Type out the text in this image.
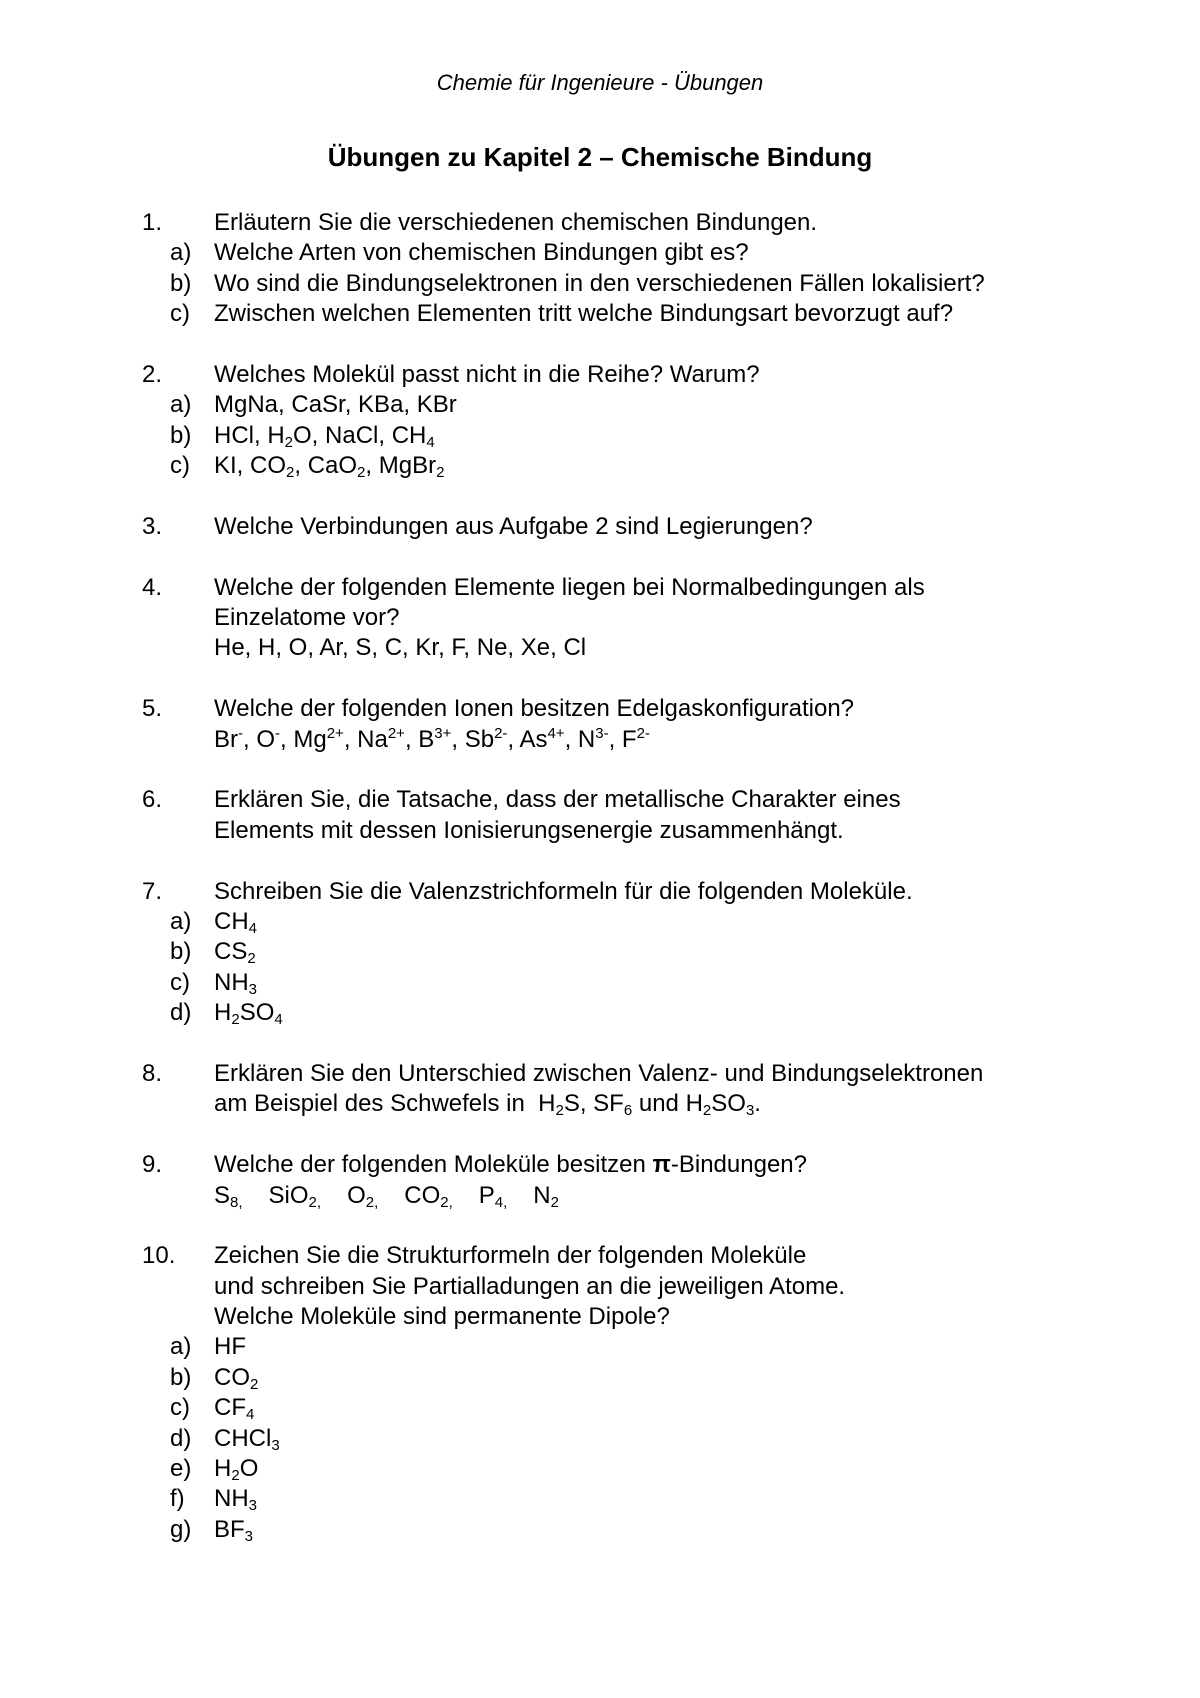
Chemie für Ingenieure - Übungen
Übungen zu Kapitel 2 – Chemische Bindung
1. Erläutern Sie die verschiedenen chemischen Bindungen.
a) Welche Arten von chemischen Bindungen gibt es?
b) Wo sind die Bindungselektronen in den verschiedenen Fällen lokalisiert?
c) Zwischen welchen Elementen tritt welche Bindungsart bevorzugt auf?
2. Welches Molekül passt nicht in die Reihe? Warum?
a) MgNa, CaSr, KBa, KBr
b) HCl, $H_2O$, NaCl, $CH_4$
c) KI, $CO_2$, CaO$_2$, MgBr$_2$
3. Welche Verbindungen aus Aufgabe 2 sind Legierungen?
4. Welche der folgenden Elemente liegen bei Normalbedingungen als
Einzelatome vor?
He, H, O, Ar, S, C, Kr, F, Ne, Xe, Cl
5. Welche der folgenden Ionen besitzen Edelgaskonfiguration?
Br-, O-, $Mg^{2+}$, $Na^{2+}$, $B^{3+}$, $Sb^{2-}$, $As^{4+}$, $N^{3-}$, $F^{2-}$
6. Erklären Sie, die Tatsache, dass der metallische Charakter eines
Elements mit dessen Ionisierungsenergie zusammenhängt.
7. Schreiben Sie die Valenzstrichformeln für die folgenden Moleküle.
a) $CH_4$
b) $CS_2$
c) $NH_3$
d) $H_2SO_4$
8. Erklären Sie den Unterschied zwischen Valenz- und Bindungselektronen
am Beispiel des Schwefels in  $H_2S$, $SF_6$ und $H_2SO_3$.
9. Welche der folgenden Moleküle besitzen π-Bindungen?
$S_{8,}$ SiO$_{2,}$ $O_{2,}$ $CO_{2,}$ $P_{4,}$ $N_2$
10. Zeichen Sie die Strukturformeln der folgenden Moleküle
und schreiben Sie Partialladungen an die jeweiligen Atome.
Welche Moleküle sind permanente Dipole?
a) HF
b) $CO_2$
c) $CF_4$
d) CHCl$_3$
e) $H_2O$
f) $NH_3$
g) $BF_3$
